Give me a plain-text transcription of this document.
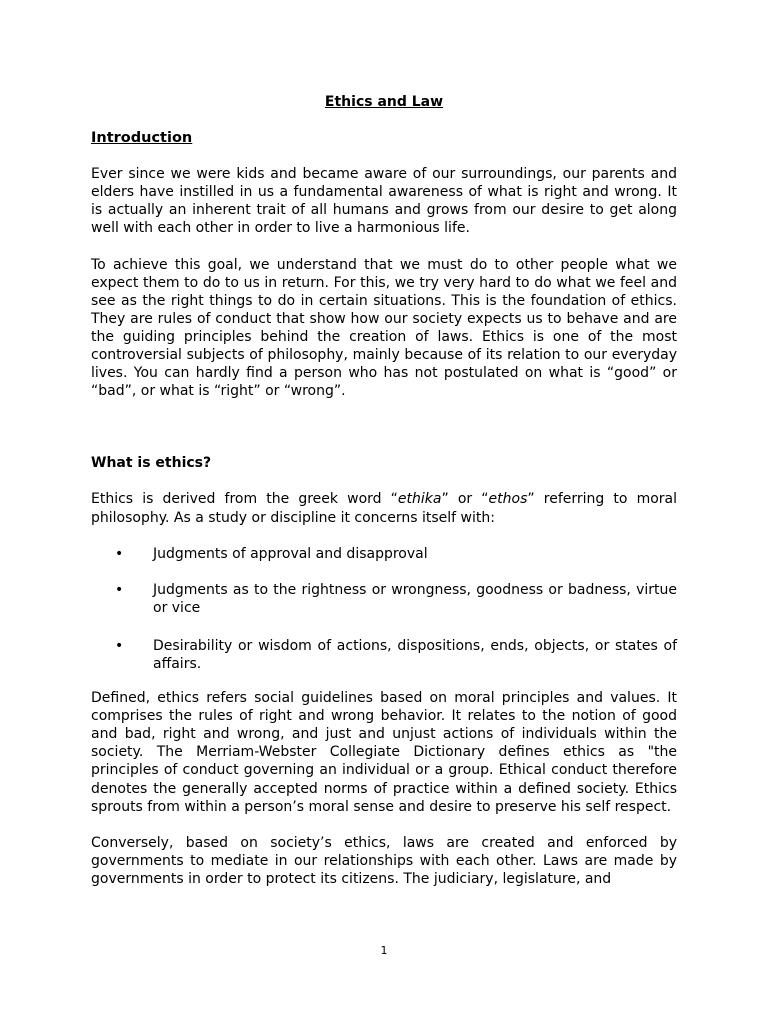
Ethics and Law
Introduction

Ever since we were kids and became aware of our surroundings, our parents and elders have instilled in us a fundamental awareness of what is right and wrong. It is actually an inherent trait of all humans and grows from our desire to get along well with each other in order to live a harmonious life.

To achieve this goal, we understand that we must do to other people what we expect them to do to us in return. For this, we try very hard to do what we feel and see as the right things to do in certain situations. This is the foundation of ethics. They are rules of conduct that show how our society expects us to behave and are the guiding principles behind the creation of laws. Ethics is one of the most controversial subjects of philosophy, mainly because of its relation to our everyday lives. You can hardly find a person who has not postulated on what is “good” or “bad”, or what is “right” or “wrong”.

What is ethics?

Ethics is derived from the greek word “ethika” or “ethos” referring to moral philosophy. As a study or discipline it concerns itself with:

• Judgments of approval and disapproval
• Judgments as to the rightness or wrongness, goodness or badness, virtue or vice
• Desirability or wisdom of actions, dispositions, ends, objects, or states of affairs.

Defined, ethics refers social guidelines based on moral principles and values. It comprises the rules of right and wrong behavior. It relates to the notion of good and bad, right and wrong, and just and unjust actions of individuals within the society. The Merriam-Webster Collegiate Dictionary defines ethics as "the principles of conduct governing an individual or a group. Ethical conduct therefore denotes the generally accepted norms of practice within a defined society. Ethics sprouts from within a person’s moral sense and desire to preserve his self respect.

Conversely, based on society’s ethics, laws are created and enforced by governments to mediate in our relationships with each other. Laws are made by governments in order to protect its citizens. The judiciary, legislature, and

1
